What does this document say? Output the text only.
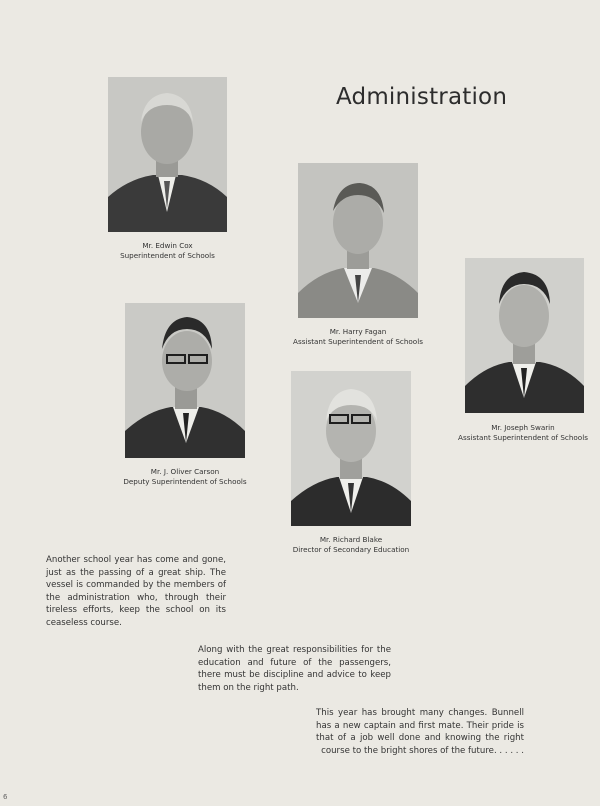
Administration
Mr. Edwin Cox
Superintendent of Schools
Mr. Harry Fagan
Assistant Superintendent of Schools
Mr. Joseph Swarin
Assistant Superintendent of Schools
Mr. J. Oliver Carson
Deputy Superintendent of Schools
Mr. Richard Blake
Director of Secondary Education
Another school year has come and gone, just as the passing of a great ship. The vessel is commanded by the members of the administration who, through their tireless efforts, keep the school on its ceaseless course.
Along with the great responsibilities for the education and future of the passengers, there must be discipline and advice to keep them on the right path.
This year has brought many changes. Bunnell has a new captain and first mate. Their pride is that of a job well done and knowing the right course to the bright shores of the future. . . . . .
6
